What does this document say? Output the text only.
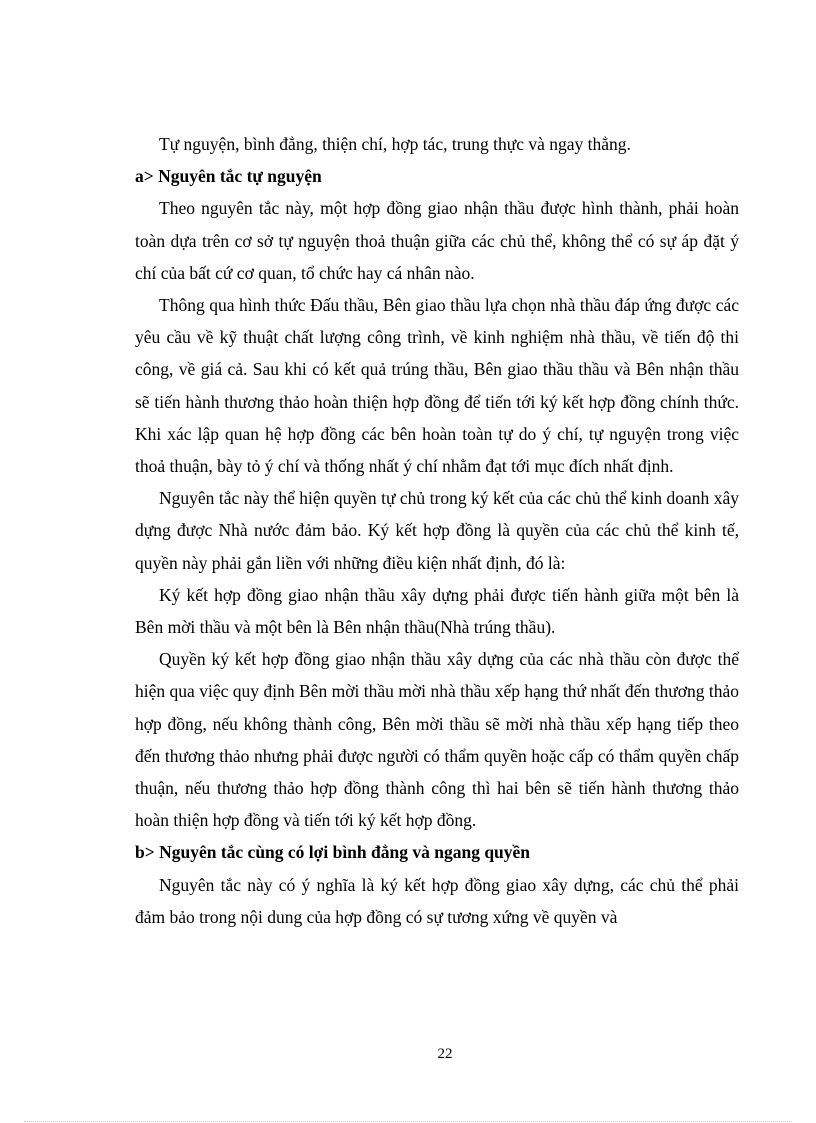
Tự nguyện, bình đẳng, thiện chí, hợp tác, trung thực và ngay thẳng.

a> Nguyên tắc tự nguyện

Theo nguyên tắc này, một hợp đồng giao nhận thầu được hình thành, phải hoàn toàn dựa trên cơ sở tự nguyện thoả thuận giữa các chủ thể, không thể có sự áp đặt ý chí của bất cứ cơ quan, tổ chức hay cá nhân nào.

Thông qua hình thức Đấu thầu, Bên giao thầu lựa chọn nhà thầu đáp ứng được các yêu cầu về kỹ thuật chất lượng công trình, về kinh nghiệm nhà thầu, về tiến độ thi công, về giá cả. Sau khi có kết quả trúng thầu, Bên giao thầu thầu và Bên nhận thầu sẽ tiến hành thương thảo hoàn thiện hợp đồng để tiến tới ký kết hợp đồng chính thức. Khi xác lập quan hệ hợp đồng các bên hoàn toàn tự do ý chí, tự nguyện trong việc thoả thuận, bày tỏ ý chí và thống nhất ý chí nhằm đạt tới mục đích nhất định.

Nguyên tắc này thể hiện quyền tự chủ trong ký kết của các chủ thể kinh doanh xây dựng được Nhà nước đảm bảo. Ký kết hợp đồng là quyền của các chủ thể kinh tế, quyền này phải gắn liền với những điều kiện nhất định, đó là:

Ký kết hợp đồng giao nhận thầu xây dựng phải được tiến hành giữa một bên là Bên mời thầu và một bên là Bên nhận thầu(Nhà trúng thầu).

Quyền ký kết hợp đồng giao nhận thầu xây dựng của các nhà thầu còn được thể hiện qua việc quy định Bên mời thầu mời nhà thầu xếp hạng thứ nhất đến thương thảo hợp đồng, nếu không thành công, Bên mời thầu sẽ mời nhà thầu xếp hạng tiếp theo đến thương thảo nhưng phải được người có thẩm quyền hoặc cấp có thẩm quyền chấp thuận, nếu thương thảo hợp đồng thành công thì hai bên sẽ tiến hành thương thảo hoàn thiện hợp đồng và tiến tới ký kết hợp đồng.

b> Nguyên tắc cùng có lợi bình đẳng và ngang quyền

Nguyên tắc này có ý nghĩa là ký kết hợp đồng giao xây dựng, các chủ thể phải đảm bảo trong nội dung của hợp đồng có sự tương xứng về quyền và

22
